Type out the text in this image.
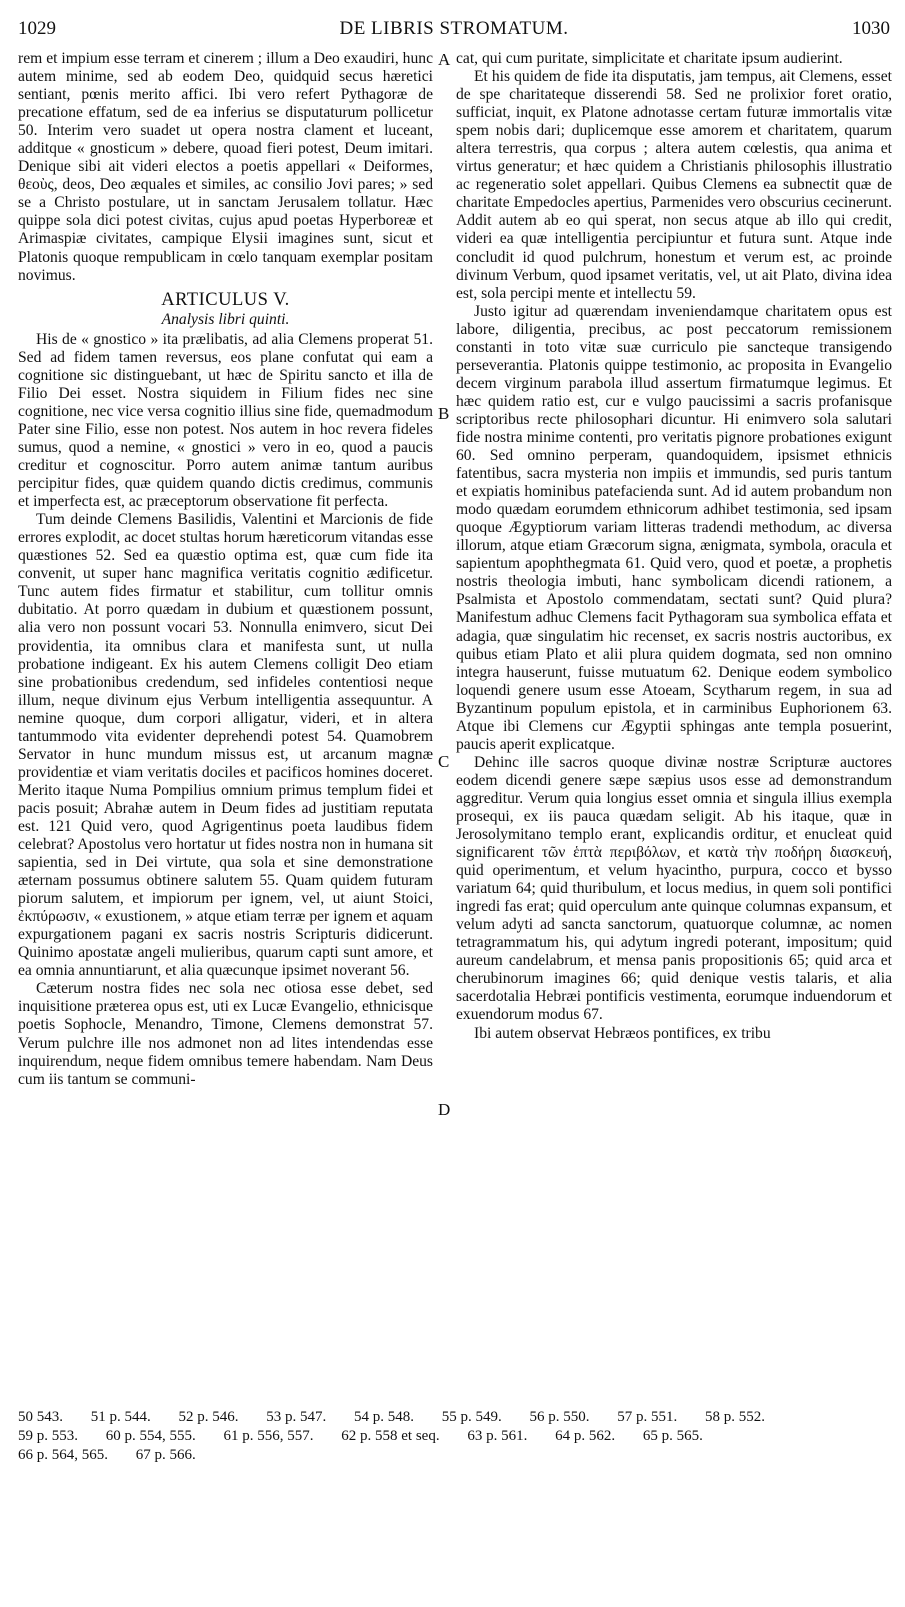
1029	DE LIBRIS STROMATUM.	1030

rem et impium esse terram et cinerem ; illum a Deo exaudiri, hunc autem minime, sed ab eodem Deo, quidquid secus hæretici sentiant, pœnis merito affici. Ibi vero refert Pythagoræ de precatione effatum, sed de ea inferius se disputaturum pollicetur 50. Interim vero suadet ut opera nostra clament et luceant, additque « gnosticum » debere, quoad fieri potest, Deum imitari. Denique sibi ait videri electos a poetis appellari « Deiformes, θεοὺς, deos, Deo æquales et similes, ac consilio Jovi pares; » sed se a Christo postulare, ut in sanctam Jerusalem tollatur. Hæc quippe sola dici potest civitas, cujus apud poetas Hyperboreæ et Arimaspiæ civitates, campique Elysii imagines sunt, sicut et Platonis quoque rempublicam in cœlo tanquam exemplar positam novimus.

ARTICULUS V.
Analysis libri quinti.

His de « gnostico » ita prælibatis, ad alia Clemens properat 51. Sed ad fidem tamen reversus, eos plane confutat qui eam a cognitione sic distinguebant, ut hæc de Spiritu sancto et illa de Filio Dei esset. Nostra siquidem in Filium fides nec sine cognitione, nec vice versa cognitio illius sine fide, quemadmodum Pater sine Filio, esse non potest. Nos autem in hoc revera fideles sumus, quod a nemine, « gnostici » vero in eo, quod a paucis creditur et cognoscitur. Porro autem animæ tantum auribus percipitur fides, quæ quidem quando dictis credimus, communis et imperfecta est, ac præceptorum observatione fit perfecta.

Tum deinde Clemens Basilidis, Valentini et Marcionis de fide errores explodit, ac docet stultas horum hæreticorum vitandas esse quæstiones 52. Sed ea quæstio optima est, quæ cum fide ita convenit, ut super hanc magnifica veritatis cognitio ædificetur. Tunc autem fides firmatur et stabilitur, cum tollitur omnis dubitatio. At porro quædam in dubium et quæstionem possunt, alia vero non possunt vocari 53. Nonnulla enimvero, sicut Dei providentia, ita omnibus clara et manifesta sunt, ut nulla probatione indigeant. Ex his autem Clemens colligit Deo etiam sine probationibus credendum, sed infideles contentiosi neque illum, neque divinum ejus Verbum intelligentia assequuntur. A nemine quoque, dum corpori alligatur, videri, et in altera tantummodo vita evidenter deprehendi potest 54. Quamobrem Servator in hunc mundum missus est, ut arcanum magnæ providentiæ et viam veritatis dociles et pacificos homines doceret. Merito itaque Numa Pompilius omnium primus templum fidei et pacis posuit; Abrahæ autem in Deum fides ad justitiam reputata est. 121 Quid vero, quod Agrigentinus poeta laudibus fidem celebrat? Apostolus vero hortatur ut fides nostra non in humana sit sapientia, sed in Dei virtute, qua sola et sine demonstratione æternam possumus obtinere salutem 55. Quam quidem futuram piorum salutem, et impiorum per ignem, vel, ut aiunt Stoici, ἐκπύρωσιν, « exustionem, » atque etiam terræ per ignem et aquam expurgationem pagani ex sacris nostris Scripturis didicerunt. Quinimo apostatæ angeli mulieribus, quarum capti sunt amore, et ea omnia annuntiarunt, et alia quæcunque ipsimet noverant 56.

Cæterum nostra fides nec sola nec otiosa esse debet, sed inquisitione præterea opus est, uti ex Lucæ Evangelio, ethnicisque poetis Sophocle, Menandro, Timone, Clemens demonstrat 57. Verum pulchre ille nos admonet non ad lites intendendas esse inquirendum, neque fidem omnibus temere habendam. Nam Deus cum iis tantum se communi-

cat, qui cum puritate, simplicitate et charitate ipsum audierint.

Et his quidem de fide ita disputatis, jam tempus, ait Clemens, esset de spe charitateque disserendi 58. Sed ne prolixior foret oratio, sufficiat, inquit, ex Platone adnotasse certam futuræ immortalis vitæ spem nobis dari; duplicemque esse amorem et charitatem, quarum altera terrestris, qua corpus ; altera autem cœlestis, qua anima et virtus generatur; et hæc quidem a Christianis philosophis illustratio ac regeneratio solet appellari. Quibus Clemens ea subnectit quæ de charitate Empedocles apertius, Parmenides vero obscurius cecinerunt. Addit autem ab eo qui sperat, non secus atque ab illo qui credit, videri ea quæ intelligentia percipiuntur et futura sunt. Atque inde concludit id quod pulchrum, honestum et verum est, ac proinde divinum Verbum, quod ipsamet veritatis, vel, ut ait Plato, divina idea est, sola percipi mente et intellectu 59.

Justo igitur ad quærendam inveniendamque charitatem opus est labore, diligentia, precibus, ac post peccatorum remissionem constanti in toto vitæ suæ curriculo pie sancteque transigendo perseverantia. Platonis quippe testimonio, ac proposita in Evangelio decem virginum parabola illud assertum firmatumque legimus. Et hæc quidem ratio est, cur e vulgo paucissimi a sacris profanisque scriptoribus recte philosophari dicuntur. Hi enimvero sola salutari fide nostra minime contenti, pro veritatis pignore probationes exigunt 60. Sed omnino perperam, quandoquidem, ipsismet ethnicis fatentibus, sacra mysteria non impiis et immundis, sed puris tantum et expiatis hominibus patefacienda sunt. Ad id autem probandum non modo quædam eorumdem ethnicorum adhibet testimonia, sed ipsam quoque Ægyptiorum variam litteras tradendi methodum, ac diversa illorum, atque etiam Græcorum signa, ænigmata, symbola, oracula et sapientum apophthegmata 61. Quid vero, quod et poetæ, a prophetis nostris theologia imbuti, hanc symbolicam dicendi rationem, a Psalmista et Apostolo commendatam, sectati sunt? Quid plura? Manifestum adhuc Clemens facit Pythagoram sua symbolica effata et adagia, quæ singulatim hic recenset, ex sacris nostris auctoribus, ex quibus etiam Plato et alii plura quidem dogmata, sed non omnino integra hauserunt, fuisse mutuatum 62. Denique eodem symbolico loquendi genere usum esse Atoeam, Scytharum regem, in sua ad Byzantinum populum epistola, et in carminibus Euphorionem 63. Atque ibi Clemens cur Ægyptii sphingas ante templa posuerint, paucis aperit explicatque.

Dehinc ille sacros quoque divinæ nostræ Scripturæ auctores eodem dicendi genere sæpe sæpius usos esse ad demonstrandum aggreditur. Verum quia longius esset omnia et singula illius exempla prosequi, ex iis pauca quædam seligit. Ab his itaque, quæ in Jerosolymitano templo erant, explicandis orditur, et enucleat quid significarent τῶν ἑπτὰ περιβόλων, et κατὰ τὴν ποδήρη διασκευή, quid operimentum, et velum hyacintho, purpura, cocco et bysso variatum 64; quid thuribulum, et locus medius, in quem soli pontifici ingredi fas erat; quid operculum ante quinque columnas expansum, et velum adyti ad sancta sanctorum, quatuorque columnæ, ac nomen tetragrammatum his, qui adytum ingredi poterant, impositum; quid aureum candelabrum, et mensa panis propositionis 65; quid arca et cherubinorum imagines 66; quid denique vestis talaris, et alia sacerdotalia Hebræi pontificis vestimenta, eorumque induendorum et exuendorum modus 67.

Ibi autem observat Hebræos pontifices, ex tribu

A
B
C
D
50 543. 51 p. 544. 52 p. 546. 53 p. 547. 54 p. 548. 55 p. 549. 56 p. 550. 57 p. 551. 58 p. 552.
59 p. 553. 60 p. 554, 555. 61 p. 556, 557. 62 p. 558 et seq. 63 p. 561. 64 p. 562. 65 p. 565.
66 p. 564, 565. 67 p. 566.
